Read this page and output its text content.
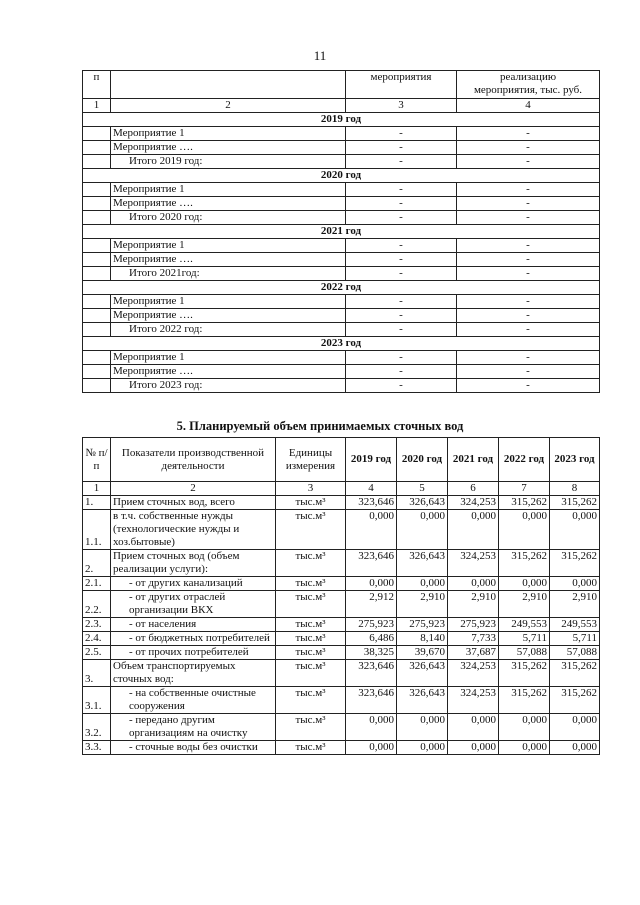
11
п		мероприятия	реализацию
мероприятия, тыс. руб.
1	2	3	4
2019 год			
	Мероприятие 1	-	-
	Мероприятие ….	-	-
	Итого 2019 год:	-	-
2020 год			
	Мероприятие 1	-	-
	Мероприятие ….	-	-
	Итого 2020 год:	-	-
2021 год			
	Мероприятие 1	-	-
	Мероприятие ….	-	-
	Итого 2021год:	-	-
2022 год			
	Мероприятие 1	-	-
	Мероприятие ….	-	-
	Итого 2022 год:	-	-
2023 год			
	Мероприятие 1	-	-
	Мероприятие ….	-	-
	Итого 2023 год:	-	-
5. Планируемый объем принимаемых сточных вод
№ п/п	Показатели производственной деятельности	Единицы измерения	2019 год	2020 год	2021 год	2022 год	2023 год
1	2	3	4	5	6	7	8
1.	Прием сточных вод, всего	тыс.м³	323,646	326,643	324,253	315,262	315,262
1.1.	в т.ч. собственные нужды (технологические нужды и хоз.бытовые)	тыс.м³	0,000	0,000	0,000	0,000	0,000
2.	Прием сточных вод (объем реализации услуги):	тыс.м³	323,646	326,643	324,253	315,262	315,262
2.1.	- от других канализаций	тыс.м³	0,000	0,000	0,000	0,000	0,000
2.2.	- от других отраслей организации ВКХ	тыс.м³	2,912	2,910	2,910	2,910	2,910
2.3.	- от населения	тыс.м³	275,923	275,923	275,923	249,553	249,553
2.4.	- от бюджетных потребителей	тыс.м³	6,486	8,140	7,733	5,711	5,711
2.5.	- от прочих потребителей	тыс.м³	38,325	39,670	37,687	57,088	57,088
3.	Объем транспортируемых сточных вод:	тыс.м³	323,646	326,643	324,253	315,262	315,262
3.1.	- на собственные очистные сооружения	тыс.м³	323,646	326,643	324,253	315,262	315,262
3.2.	- передано другим организациям на очистку	тыс.м³	0,000	0,000	0,000	0,000	0,000
3.3.	- сточные воды без очистки	тыс.м³	0,000	0,000	0,000	0,000	0,000
